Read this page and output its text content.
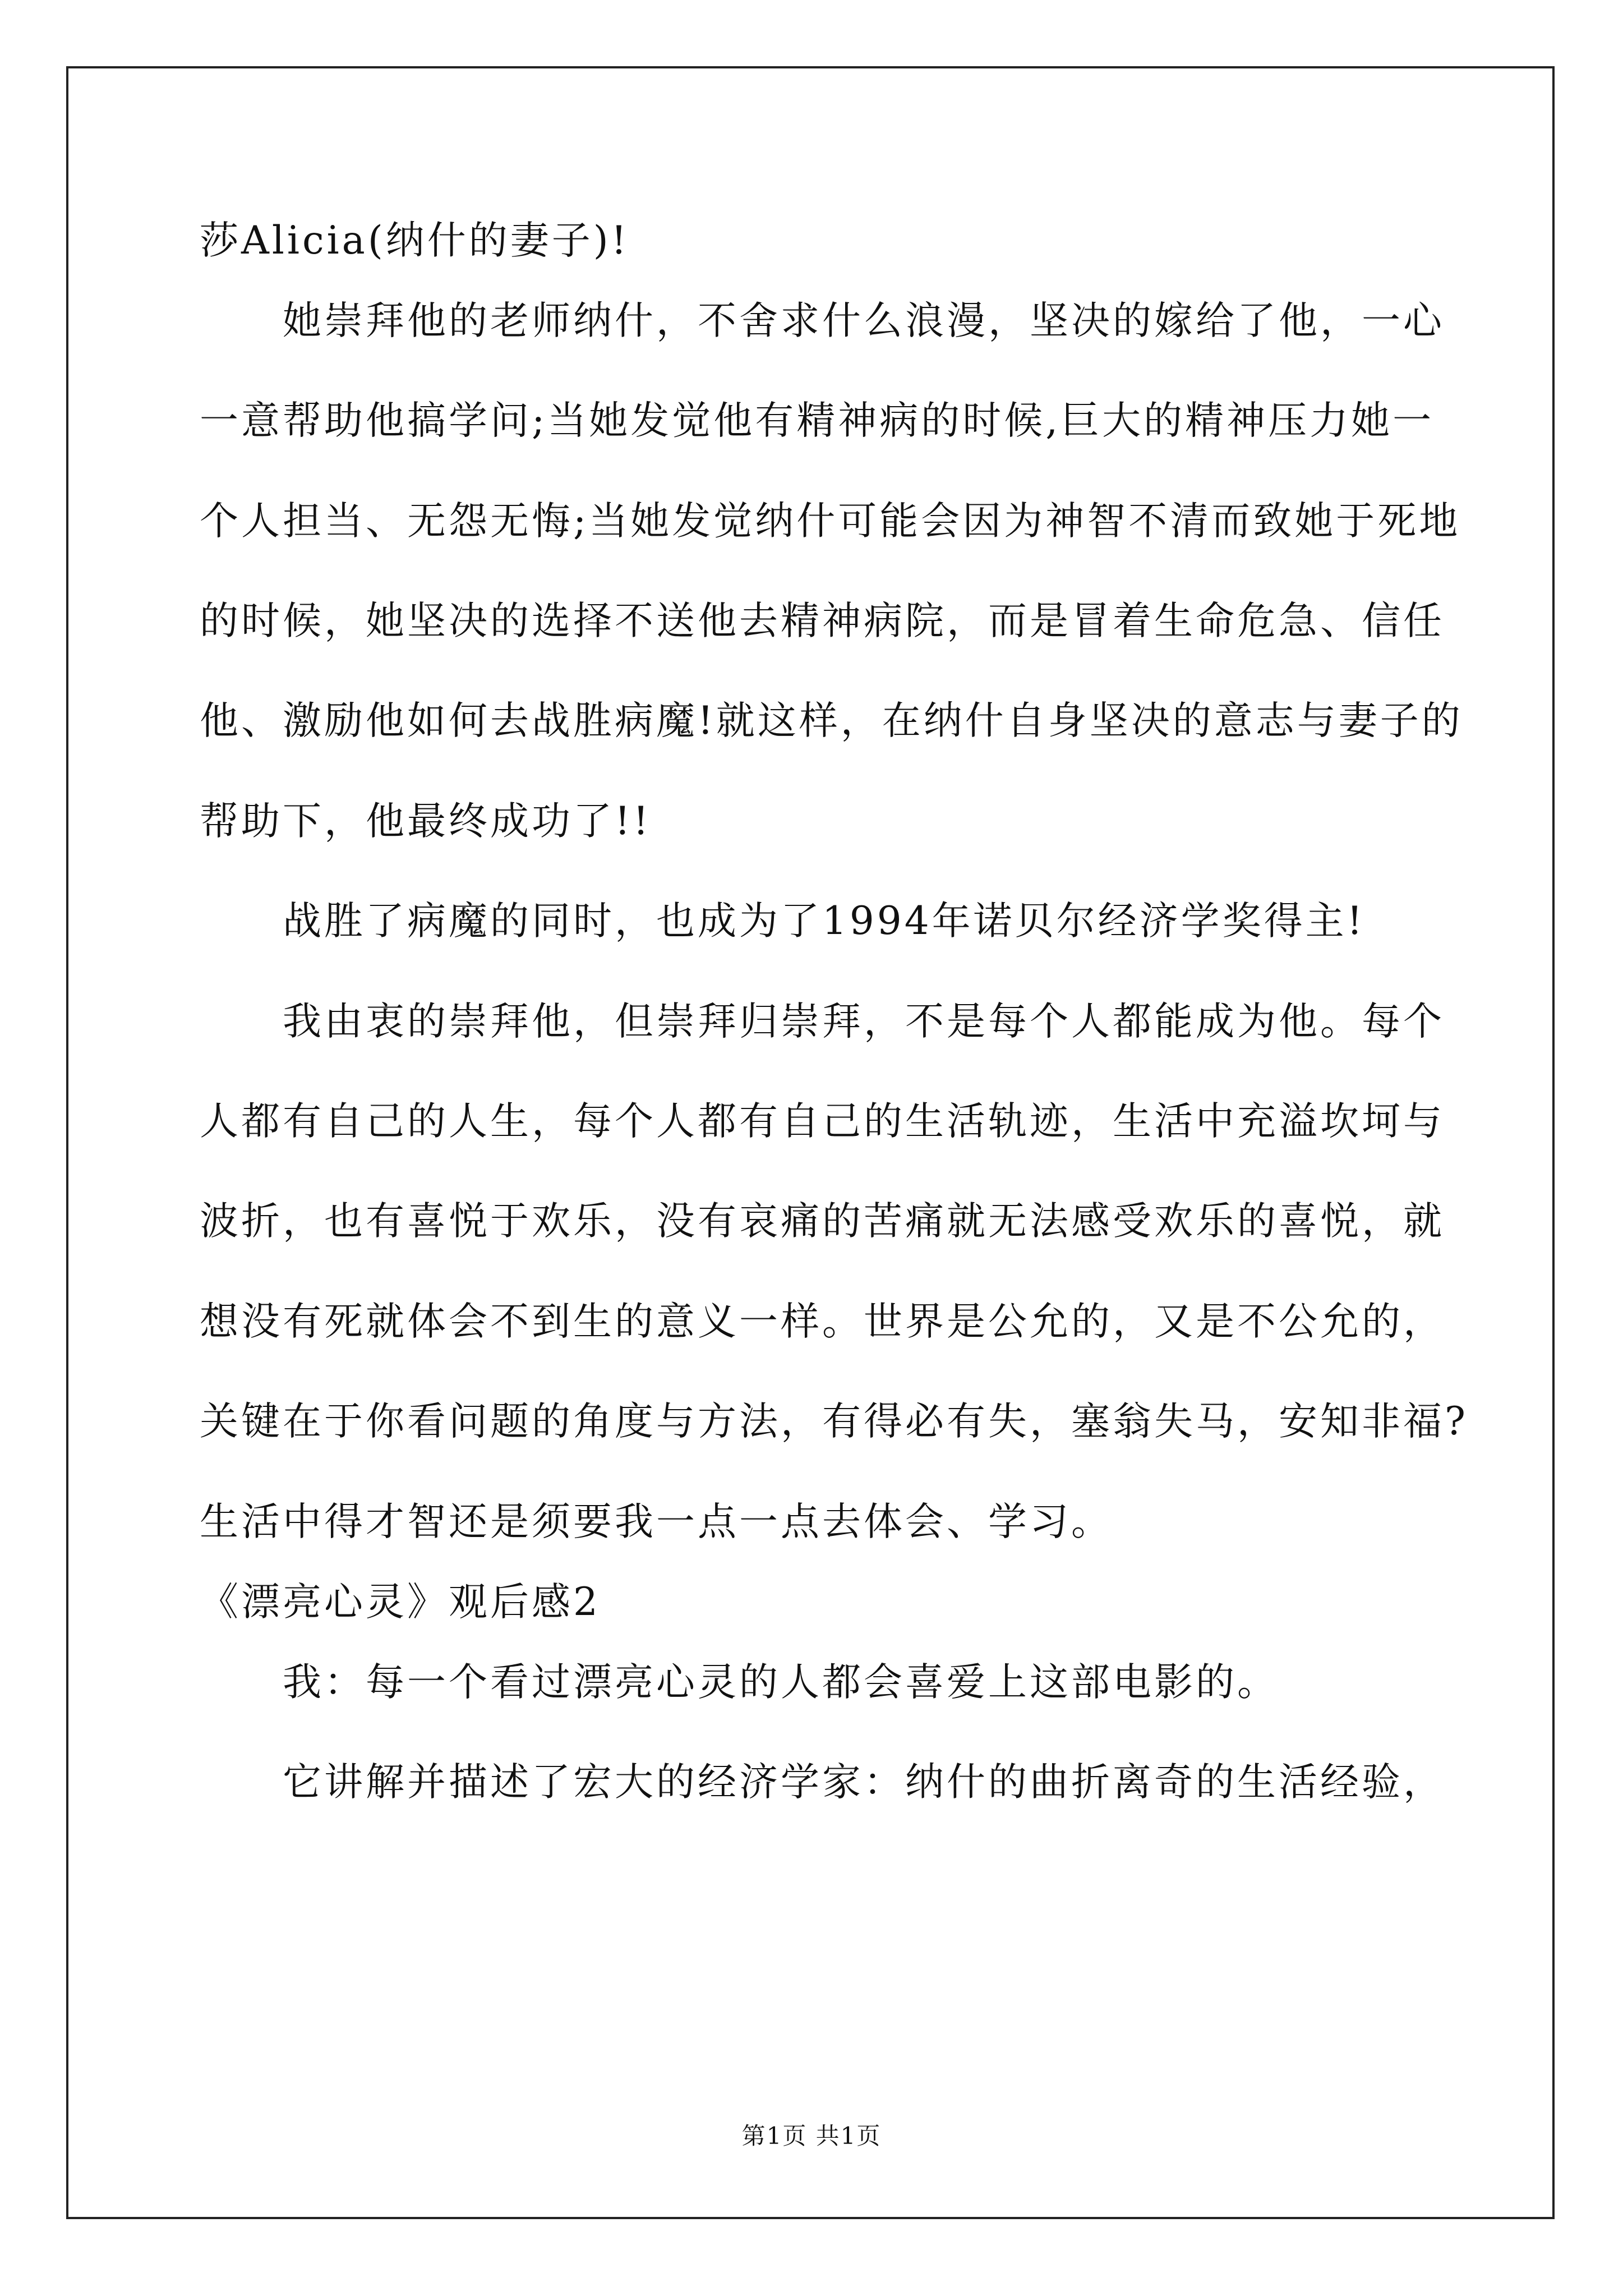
莎Alicia(纳什的妻子)!
她崇拜他的老师纳什，不舍求什么浪漫，坚决的嫁给了他，一心
一意帮助他搞学问;当她发觉他有精神病的时候,巨大的精神压力她一
个人担当、无怨无悔;当她发觉纳什可能会因为神智不清而致她于死地
的时候，她坚决的选择不送他去精神病院，而是冒着生命危急、信任
他、激励他如何去战胜病魔!就这样，在纳什自身坚决的意志与妻子的
帮助下，他最终成功了!!
战胜了病魔的同时，也成为了1994年诺贝尔经济学奖得主!
我由衷的崇拜他，但崇拜归崇拜，不是每个人都能成为他。每个
人都有自己的人生，每个人都有自己的生活轨迹，生活中充溢坎坷与
波折，也有喜悦于欢乐，没有哀痛的苦痛就无法感受欢乐的喜悦，就
想没有死就体会不到生的意义一样。世界是公允的，又是不公允的，
关键在于你看问题的角度与方法，有得必有失，塞翁失马，安知非福?
生活中得才智还是须要我一点一点去体会、学习。
《漂亮心灵》观后感2
我：每一个看过漂亮心灵的人都会喜爱上这部电影的。
它讲解并描述了宏大的经济学家：纳什的曲折离奇的生活经验，
第1页 共1页
